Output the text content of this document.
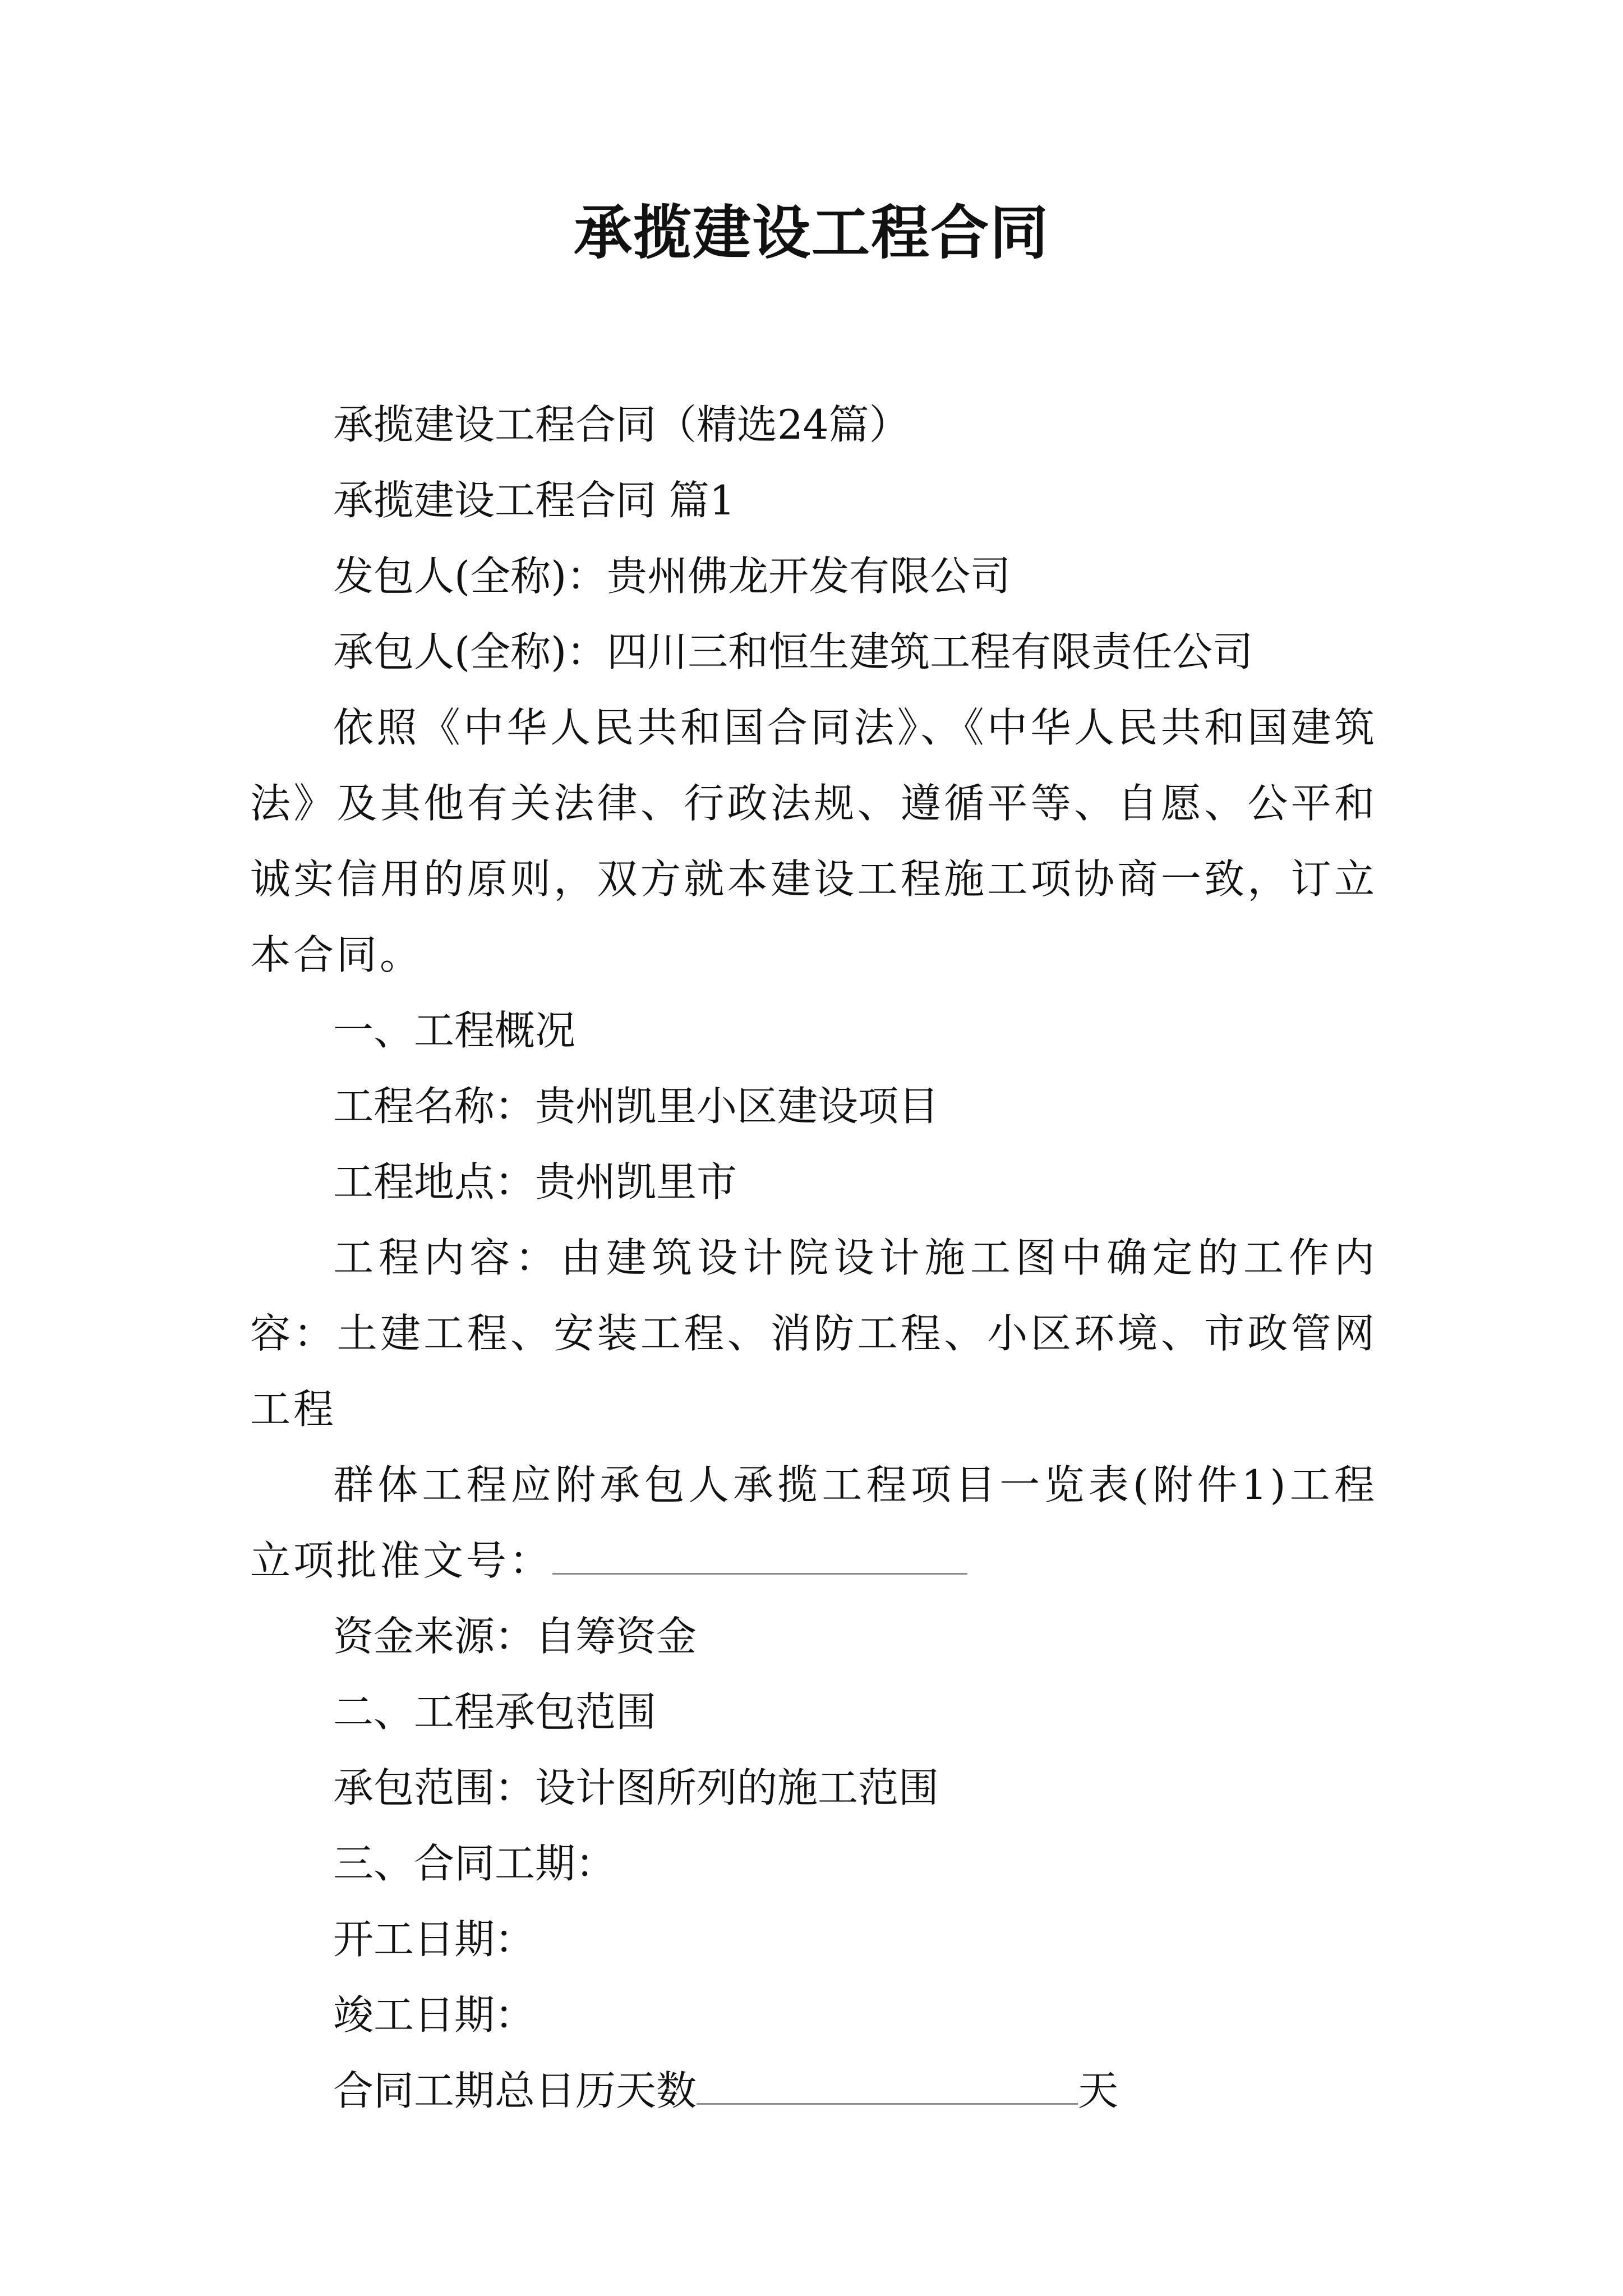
承揽建设工程合同

承揽建设工程合同（精选24篇）

承揽建设工程合同 篇1

发包人(全称)：贵州佛龙开发有限公司

承包人(全称)：四川三和恒生建筑工程有限责任公司

依照《中华人民共和国合同法》、《中华人民共和国建筑法》及其他有关法律、行政法规、遵循平等、自愿、公平和诚实信用的原则，双方就本建设工程施工项协商一致，订立本合同。

一、工程概况

工程名称：贵州凯里小区建设项目

工程地点：贵州凯里市

工程内容：由建筑设计院设计施工图中确定的工作内容：土建工程、安装工程、消防工程、小区环境、市政管网工程

群体工程应附承包人承揽工程项目一览表(附件1)工程立项批准文号：

资金来源：自筹资金

二、工程承包范围

承包范围：设计图所列的施工范围

三、合同工期：

开工日期：

竣工日期：

合同工期总日历天数	天
